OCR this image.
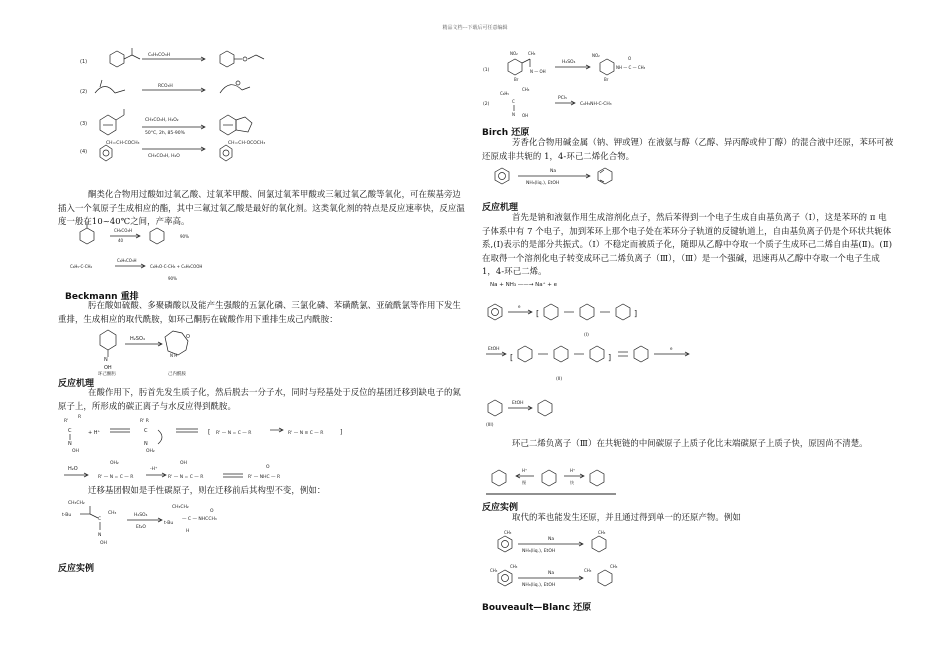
精品文档---下载后可任意编辑
(1)
C₆H₅CO₃H
(2)
RCO₃H
(3)
CH₃CO₃H, H₂O₂
50°C, 2h, 85-90%
(4)
CH=CH-COCH₃
CH₃CO₃H, H₂O
CH=CH-OCOCH₃
酮类化合物用过酸如过氧乙酸、过氧苯甲酸、间氯过氧苯甲酸或三氟过氧乙酸等氧化，可在羰基旁边插入一个氧原子生成相应的酯，其中三氟过氧乙酸是最好的氧化剂。这类氧化剂的特点是反应速率快，反应温度一般在10~40℃之间，产率高。
CH₃CO₃H
40
90%
C₆H₅-C-CH₂
C₆H₅CO₃H
C₆H₅O-C-CH₃ + C₆H₅COOH
90%
Beckmann 重排
肟在酸如硫酸、多聚磷酸以及能产生强酸的五氯化磷、三氯化磷、苯磺酰氯、亚硫酰氯等作用下发生重排，生成相应的取代酰胺，如环己酮肟在硫酸作用下重排生成己内酰胺：
N
OH
H₂SO₄	O
N H
环己酮肟	己内酰胺
反应机理
在酸作用下，肟首先发生质子化，然后脱去一分子水，同时与羟基处于反位的基团迁移到缺电子的氮原子上，所形成的碳正离子与水反应得到酰胺。
R'
R
C
N
OH
+ H⁺
R' R
C
N
OH₂
[ R' — N = C — R	R' — N ≡ C — R	]
H₂O
OH₂
R' — N = C — R
-H⁺
OH
R' — N = C — R	R' — NHC — R
O
迁移基团假如是手性碳原子，则在迁移前后其构型不变，例如：
CH₃CH₂
t-Bu
C
CH₃
N
OH
H₂SO₄
Et₂O
CH₃CH₂
t-Bu
— C — NHCCH₃
H
O
反应实例
(1)
NO₂
Br
CH₃
N — OH
H₂SO₄
NO₂
Br
NH — C — CH₃
O
(2)
C₆H₅
CH₃
C
N OH
PCl₅
C₆H₅NH-C-CH₃
Birch 还原
芳香化合物用碱金属（钠、钾或锂）在液氨与醇（乙醇、异丙醇或仲丁醇）的混合液中还原，苯环可被还原成非共轭的 1，4-环己二烯化合物。
Na
NH₃(liq.), EtOH
反应机理
首先是钠和液氨作用生成溶剂化点子，然后苯得到一个电子生成自由基负离子（Ⅰ），这是苯环的 π 电子体系中有 7 个电子，加到苯环上那个电子处在苯环分子轨道的反键轨道上，自由基负离子仍是个环状共轭体系,(Ⅰ)表示的是部分共振式。（Ⅰ）不稳定而被质子化，随即从乙醇中夺取一个质子生成环己二烯自由基(Ⅱ)。(Ⅱ)在取得一个溶剂化电子转变成环己二烯负离子（Ⅲ），（Ⅲ）是一个强碱，迅速再从乙醇中夺取一个电子生成 1，4-环己二烯。
Na + NH₃ ——→ Na⁺ + e
e
[	]
(I)
EtOH
[	]
e
(II)
EtOH
(III)
环己二烯负离子（Ⅲ）在共轭链的中间碳原子上质子化比末端碳原子上质子快，原因尚不清楚。
H⁺
慢
H⁺
快
反应实例
取代的苯也能发生还原，并且通过得到单一的还原产物。例如
CH₃
Na
NH₃(liq.), EtOH
CH₃
CH₃
CH₃
Na
NH₃(liq.), EtOH
CH₃
CH₃
Bouveault—Blanc 还原
